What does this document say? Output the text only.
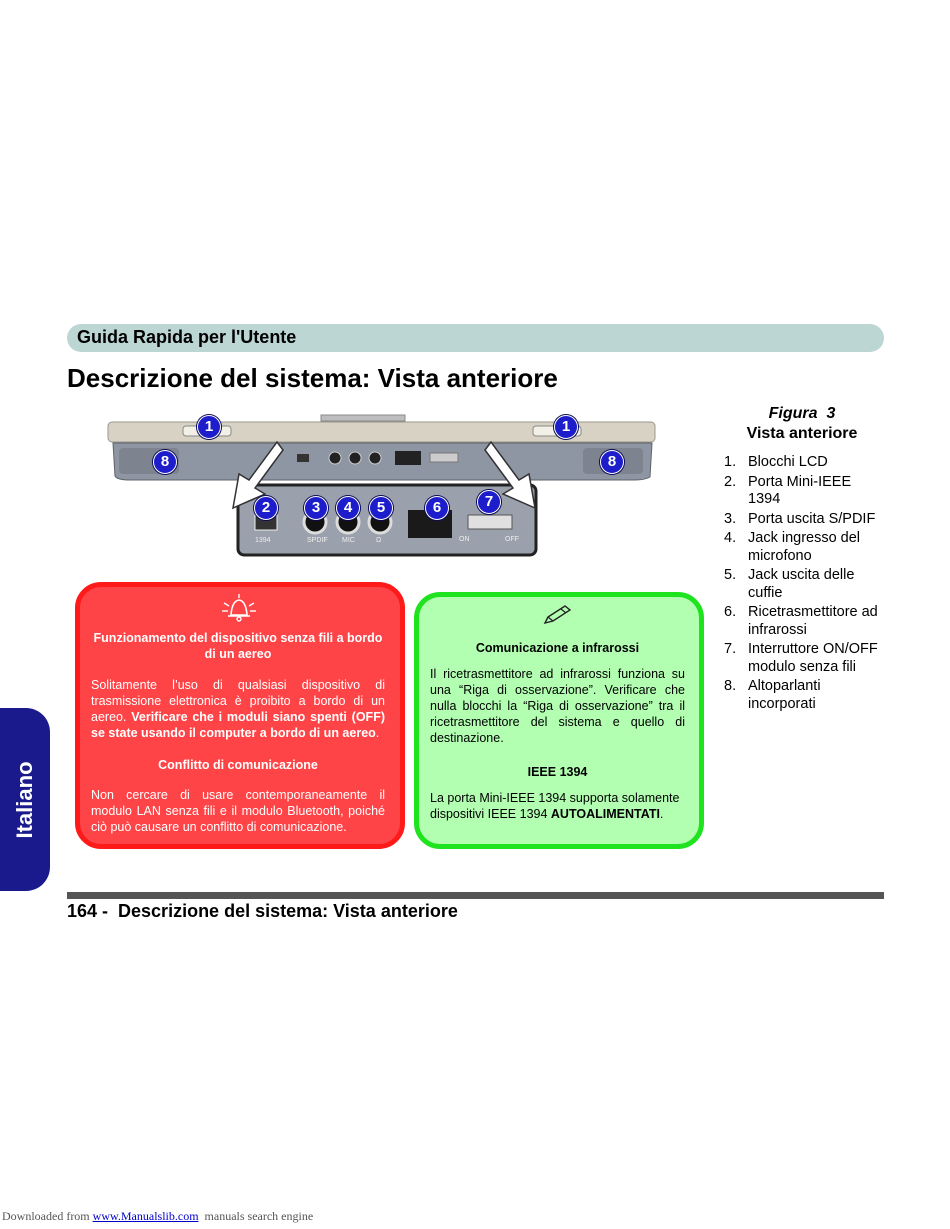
Guida Rapida per l'Utente
Descrizione del sistema: Vista anteriore
1394	SPDIF MIC	Ω	ON	OFF
1	1
8	8
2	3	4	5	6	7
Figura 3
Vista anteriore
1. Blocchi LCD
2. Porta Mini-IEEE 1394
3. Porta uscita S/PDIF
4. Jack ingresso del microfono
5. Jack uscita delle cuffie
6. Ricetrasmettitore ad infrarossi
7. Interruttore ON/OFF modulo senza fili
8. Altoparlanti incorporati
Italiano
Funzionamento del dispositivo senza fili a bordo di un aereo

Solitamente l’uso di qualsiasi dispositivo di trasmissione elettronica è proibito a bordo di un aereo. Verificare che i moduli siano spenti (OFF) se state usando il computer a bordo di un aereo.

Conflitto di comunicazione

Non cercare di usare contemporaneamente il modulo LAN senza fili e il modulo Bluetooth, poiché ciò può causare un conflitto di comunicazione.

Comunicazione a infrarossi

Il ricetrasmettitore ad infrarossi funziona su una “Riga di osservazione”. Verificare che nulla blocchi la “Riga di osservazione” tra il ricetrasmettitore del sistema e quello di destinazione.

IEEE 1394

La porta Mini-IEEE 1394 supporta solamente dispositivi IEEE 1394 AUTOALIMENTATI.

164 -  Descrizione del sistema: Vista anteriore
Downloaded from www.Manualslib.com  manuals search engine
